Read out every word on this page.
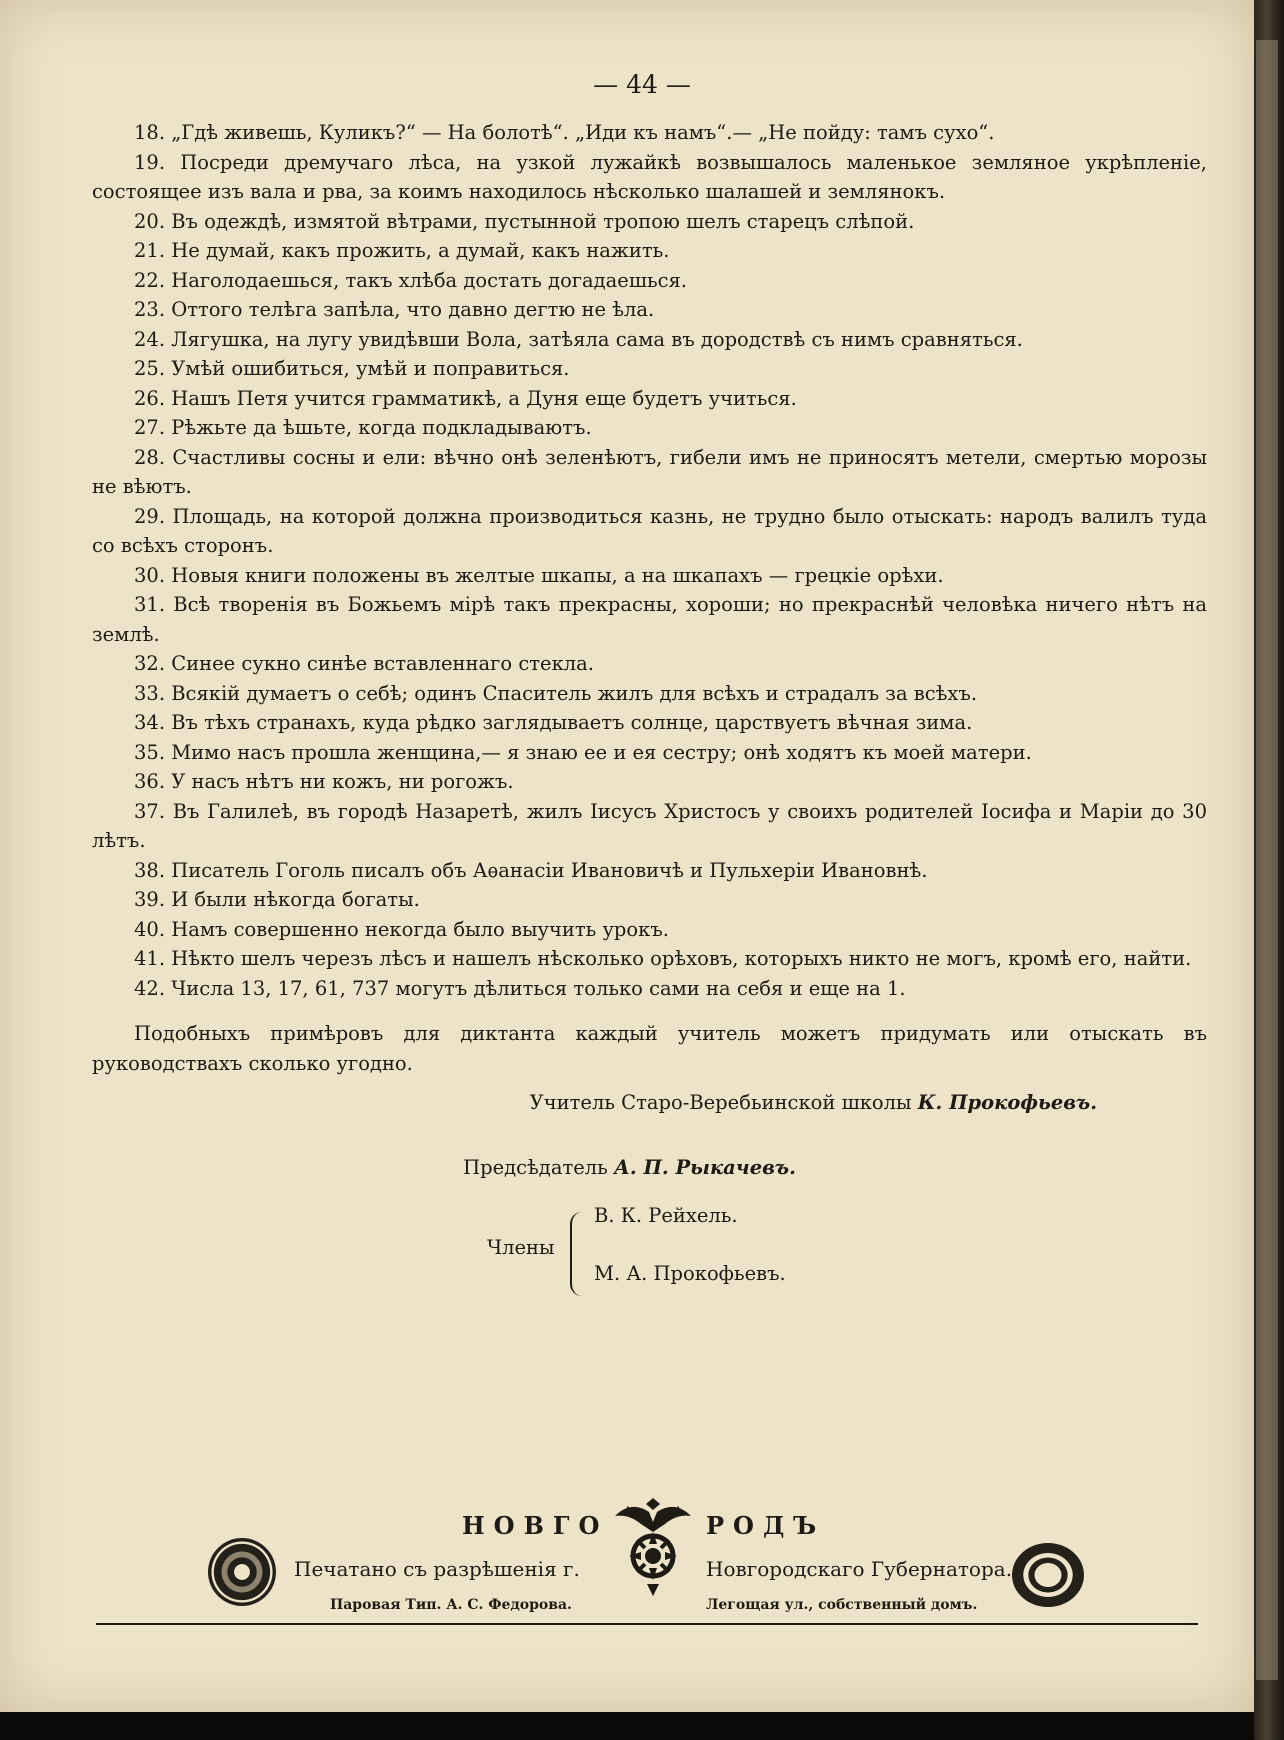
— 44 —

18. „Гдѣ живешь, Куликъ?“ — На болотѣ“. „Иди къ намъ“.— „Не пойду: тамъ сухо“.

19. Посреди дремучаго лѣса, на узкой лужайкѣ возвышалось маленькое земляное укрѣпленіе, состоящее изъ вала и рва, за коимъ находилось нѣсколько шалашей и землянокъ.

20. Въ одеждѣ, измятой вѣтрами, пустынной тропою шелъ старецъ слѣпой.

21. Не думай, какъ прожить, а думай, какъ нажить.

22. Наголодаешься, такъ хлѣба достать догадаешься.

23. Оттого телѣга запѣла, что давно дегтю не ѣла.

24. Лягушка, на лугу увидѣвши Вола, затѣяла сама въ дородствѣ съ нимъ сравняться.

25. Умѣй ошибиться, умѣй и поправиться.

26. Нашъ Петя учится грамматикѣ, а Дуня еще будетъ учиться.

27. Рѣжьте да ѣшьте, когда подкладываютъ.

28. Счастливы сосны и ели: вѣчно онѣ зеленѣютъ, гибели имъ не приносятъ метели, смертью морозы не вѣютъ.

29. Площадь, на которой должна производиться казнь, не трудно было отыскать: народъ валилъ туда со всѣхъ сторонъ.

30. Новыя книги положены въ желтые шкапы, а на шкапахъ — грецкіе орѣхи.

31. Всѣ творенія въ Божьемъ мірѣ такъ прекрасны, хороши; но прекраснѣй человѣка ничего нѣтъ на землѣ.

32. Синее сукно синѣе вставленнаго стекла.

33. Всякій думаетъ о себѣ; одинъ Спаситель жилъ для всѣхъ и страдалъ за всѣхъ.

34. Въ тѣхъ странахъ, куда рѣдко заглядываетъ солнце, царствуетъ вѣчная зима.

35. Мимо насъ прошла женщина,— я знаю ее и ея сестру; онѣ ходятъ къ моей матери.

36. У насъ нѣтъ ни кожъ, ни рогожъ.

37. Въ Галилеѣ, въ городѣ Назаретѣ, жилъ Іисусъ Христосъ у своихъ родителей Іосифа и Маріи до 30 лѣтъ.

38. Писатель Гоголь писалъ объ Аѳанасіи Ивановичѣ и Пульхеріи Ивановнѣ.

39. И были нѣкогда богаты.

40. Намъ совершенно некогда было выучить урокъ.

41. Нѣкто шелъ черезъ лѣсъ и нашелъ нѣсколько орѣховъ, которыхъ никто не могъ, кромѣ его, найти.

42. Числа 13, 17, 61, 737 могутъ дѣлиться только сами на себя и еще на 1.

Подобныхъ примѣровъ для диктанта каждый учитель можетъ придумать или отыскать въ руководствахъ сколько угодно.

Учитель Старо-Веребьинской школы К. Прокофьевъ.
Предсѣдатель А. П. Рыкачевъ.
Члены
В. К. Рейхель.
М. А. Прокофьевъ.
НОВГО	РОДЪ
Печатано съ разрѣшенія г.	Новгородскаго Губернатора.
Паровая Тип. А. С. Федорова.	Легощая ул., собственный домъ.
